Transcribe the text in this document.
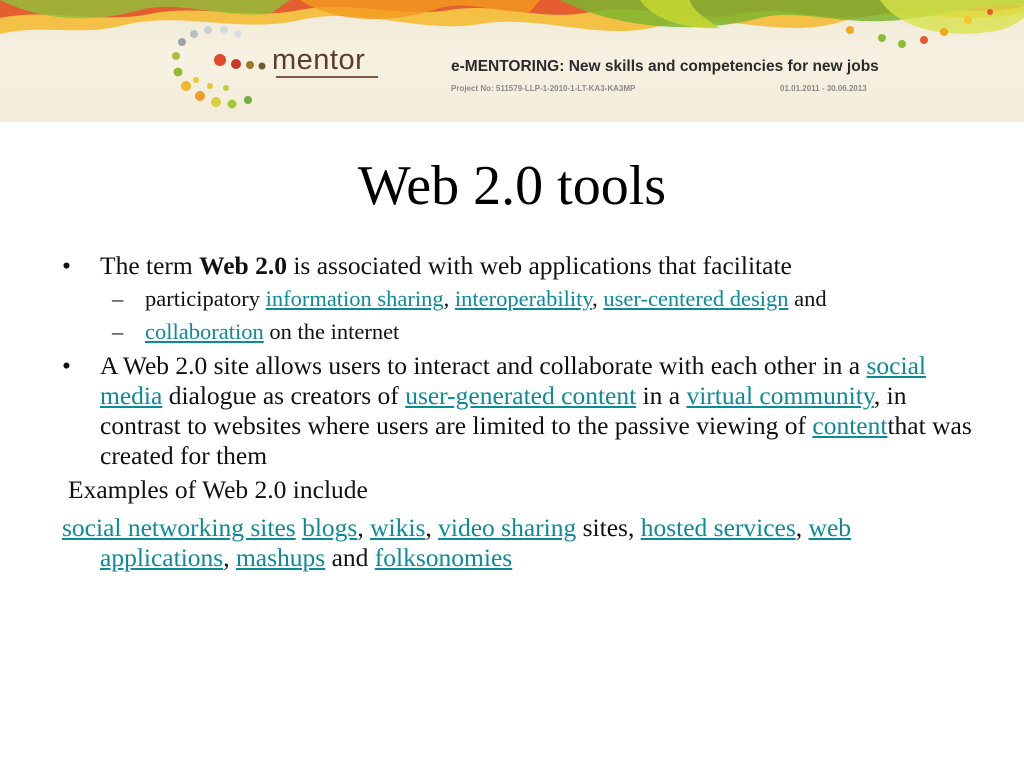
mentor	e-MENTORING: New skills and competencies for new jobs
Project No: 511579-LLP-1-2010-1-LT-KA3-KA3MP	01.01.2011 - 30.06.2013
Web 2.0 tools
•	The term Web 2.0 is associated with web applications that facilitate
– participatory information sharing, interoperability, user-centered design and
– collaboration on the internet
•	A Web 2.0 site allows users to interact and collaborate with each other in a social media dialogue as creators of user-generated content in a virtual community, in contrast to websites where users are limited to the passive viewing of contentthat was created for them
Examples of Web 2.0 include
social networking sites blogs, wikis, video sharing sites, hosted services, web applications, mashups and folksonomies
